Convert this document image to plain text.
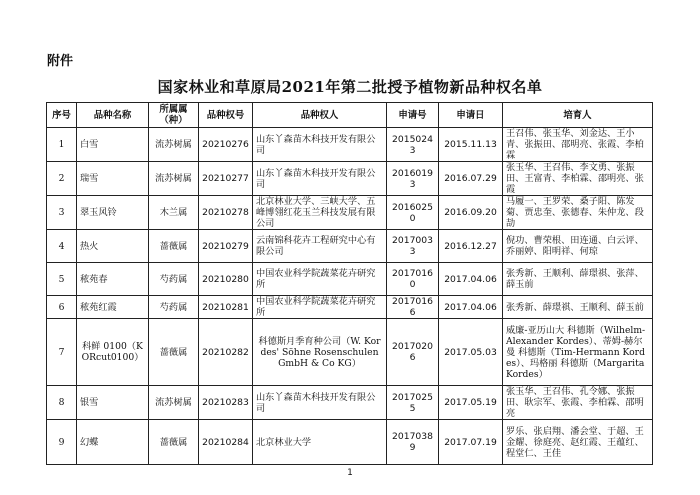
附件
国家林业和草原局2021年第二批授予植物新品种权名单
序号	品种名称	所属属（种）	品种权号	品种权人	申请号	申请日	培育人
1	白雪	流苏树属	20210276	山东丫森苗木科技开发有限公司	20150243	2015.11.13	王召伟、张玉华、刘金达、王小青、张振田、邵明亮、张霞、李柏霖
2	瑞雪	流苏树属	20210277	山东丫森苗木科技开发有限公司	20160193	2016.07.29	张玉华、王召伟、李文勇、张振田、王富青、李柏霖、邵明亮、张霞
3	翠玉风铃	木兰属	20210278	北京林业大学、三峡大学、五峰博翎红花玉兰科技发展有限公司	20160250	2016.09.20	马履一、王罗荣、桑子阳、陈发菊、贾忠奎、张德春、朱仲龙、段劼
4	热火	蔷薇属	20210279	云南锦科花卉工程研究中心有限公司	20170033	2016.12.27	倪功、曹荣根、田连通、白云评、乔丽婷、阳明祥、何琼
5	秾苑春	芍药属	20210280	中国农业科学院蔬菜花卉研究所	20170160	2017.04.06	张秀新、王顺利、薛璟祺、张萍、薛玉前
6	秾苑红霞	芍药属	20210281	中国农业科学院蔬菜花卉研究所	20170166	2017.04.06	张秀新、薛璟祺、王顺利、薛玉前
7	科鲜 0100（KORcut0100）	蔷薇属	20210282	科德斯月季育种公司（W. Kordes' Söhne Rosenschulen GmbH & Co KG）	20170206	2017.05.03	威廉-亚历山大 科德斯（Wilhelm-Alexander Kordes）、蒂姆-赫尔曼 科德斯（Tim-Hermann Kordes）、玛格丽 科德斯（Margarita Kordes）
8	银雪	流苏树属	20210283	山东丫森苗木科技开发有限公司	20170255	2017.05.19	张玉华、王召伟、孔令娜、张振田、耿宗军、张霞、李柏霖、邵明亮
9	幻蝶	蔷薇属	20210284	北京林业大学	20170389	2017.07.19	罗乐、张启翔、潘会堂、于超、王金耀、徐庭亮、赵红霞、王蕴红、程堂仁、王佳
1
